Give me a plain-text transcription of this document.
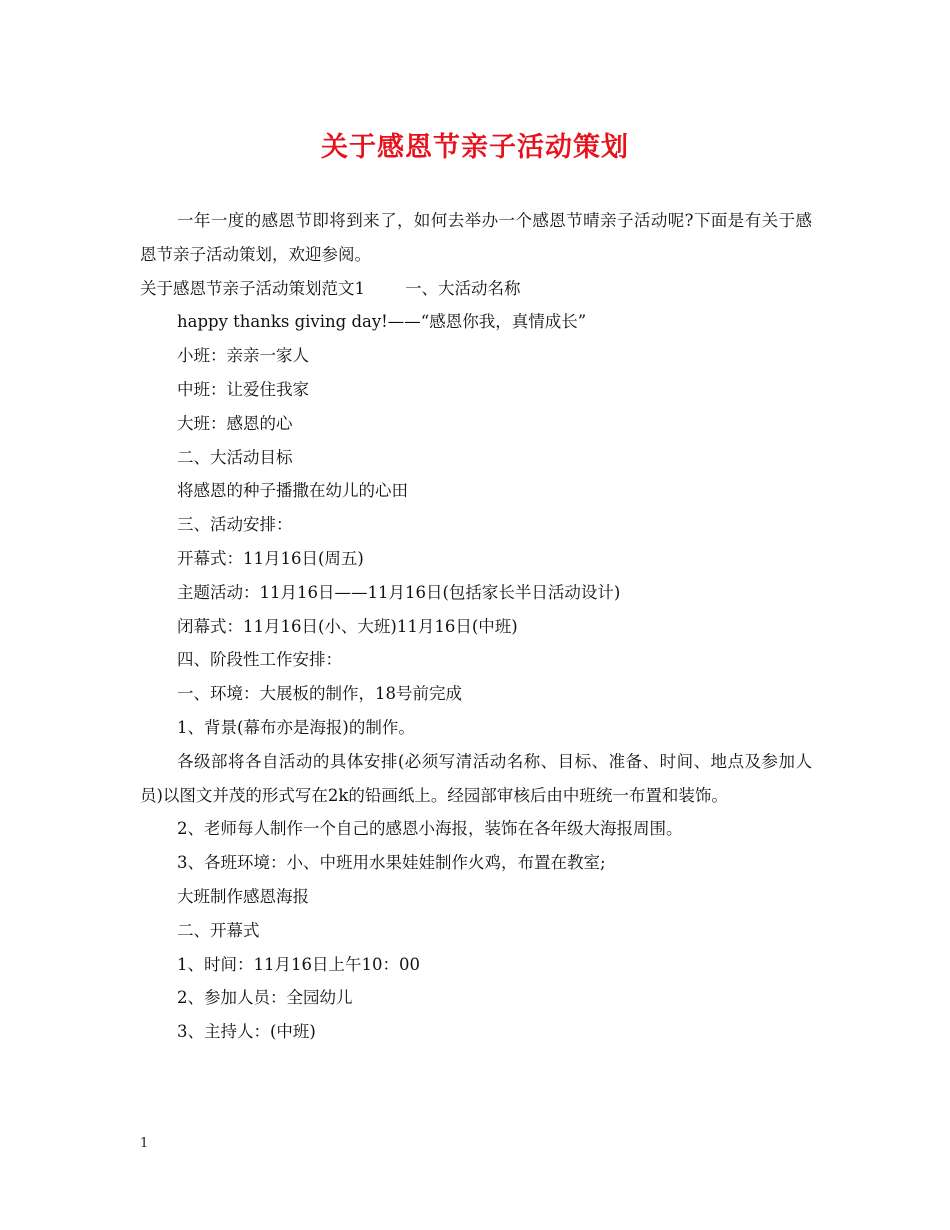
关于感恩节亲子活动策划

一年一度的感恩节即将到来了，如何去举办一个感恩节晴亲子活动呢?下面是有关于感恩节亲子活动策划，欢迎参阅。

关于感恩节亲子活动策划范文1 一、大活动名称

happy thanks giving day!——“感恩你我，真情成长”

小班：亲亲一家人

中班：让爱住我家

大班：感恩的心

二、大活动目标

将感恩的种子播撒在幼儿的心田

三、活动安排：

开幕式：11月16日(周五)

主题活动：11月16日——11月16日(包括家长半日活动设计)

闭幕式：11月16日(小、大班)11月16日(中班)

四、阶段性工作安排：

一、环境：大展板的制作，18号前完成

1、背景(幕布亦是海报)的制作。

各级部将各自活动的具体安排(必须写清活动名称、目标、准备、时间、地点及参加人员)以图文并茂的形式写在2k的铅画纸上。经园部审核后由中班统一布置和装饰。

2、老师每人制作一个自己的感恩小海报，装饰在各年级大海报周围。

3、各班环境：小、中班用水果娃娃制作火鸡，布置在教室;

大班制作感恩海报

二、开幕式

1、时间：11月16日上午10：00

2、参加人员：全园幼儿

3、主持人：(中班)

1
